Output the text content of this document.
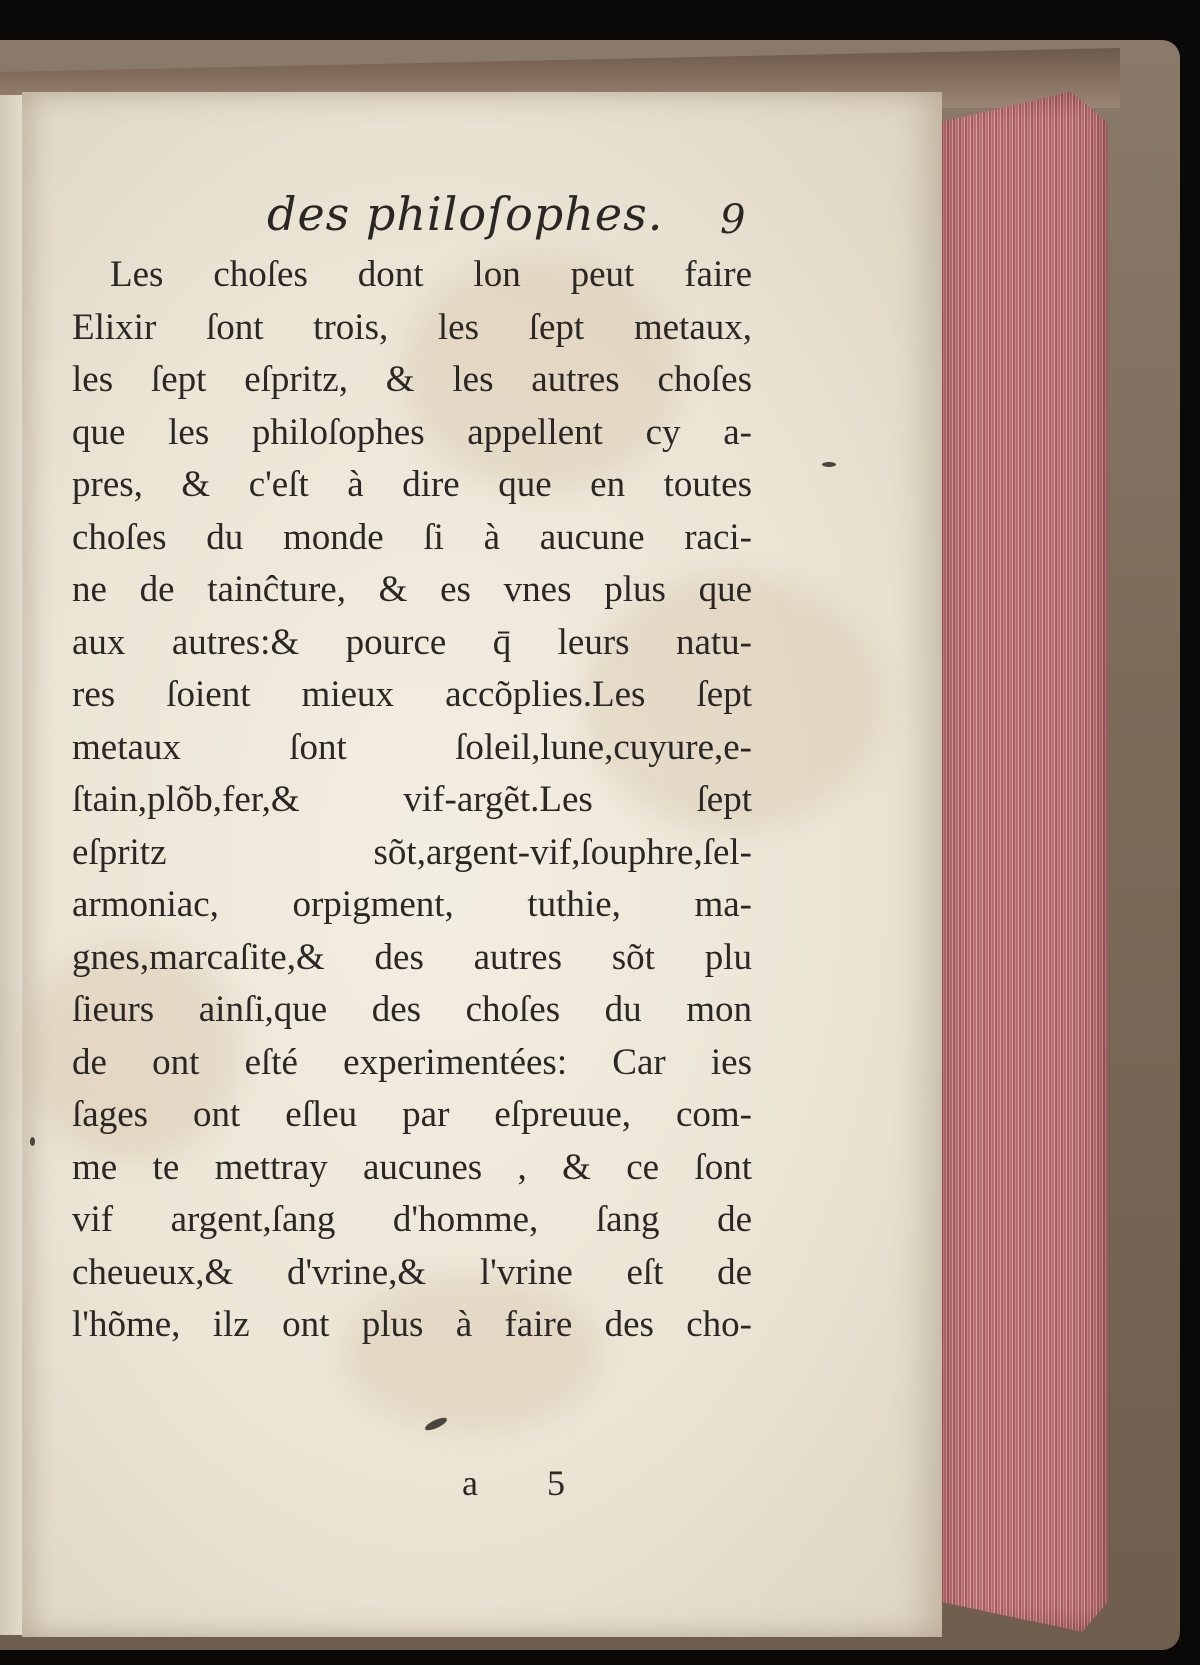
des philoſophes. 9
Les choſes dont lon peut faire
Elixir ſont trois, les ſept metaux,
les ſept eſpritz, & les autres choſes
que les philoſophes appellent cy a-
pres, & c'eſt à dire que en toutes
choſes du monde ſi à aucune raci-
ne de tainĉture, & es vnes plus que
aux autres:& pource q̄ leurs natu-
res ſoient mieux accõplies.Les ſept
metaux ſont ſoleil,lune,cuyure,e-
ſtain,plõb,fer,& vif-argẽt.Les ſept
eſpritz sõt,argent-vif,ſouphre,ſel-
armoniac, orpigment, tuthie, ma-
gnes,marcaſite,& des autres sõt plu
ſieurs ainſi,que des choſes du mon
de ont eſté experimentées: Car ies
ſages ont eſleu par eſpreuue, com-
me te mettray aucunes , & ce ſont
vif argent,ſang d'homme, ſang de
cheueux,& d'vrine,& l'vrine eſt de
l'hõme, ilz ont plus à faire des cho-
a 5
